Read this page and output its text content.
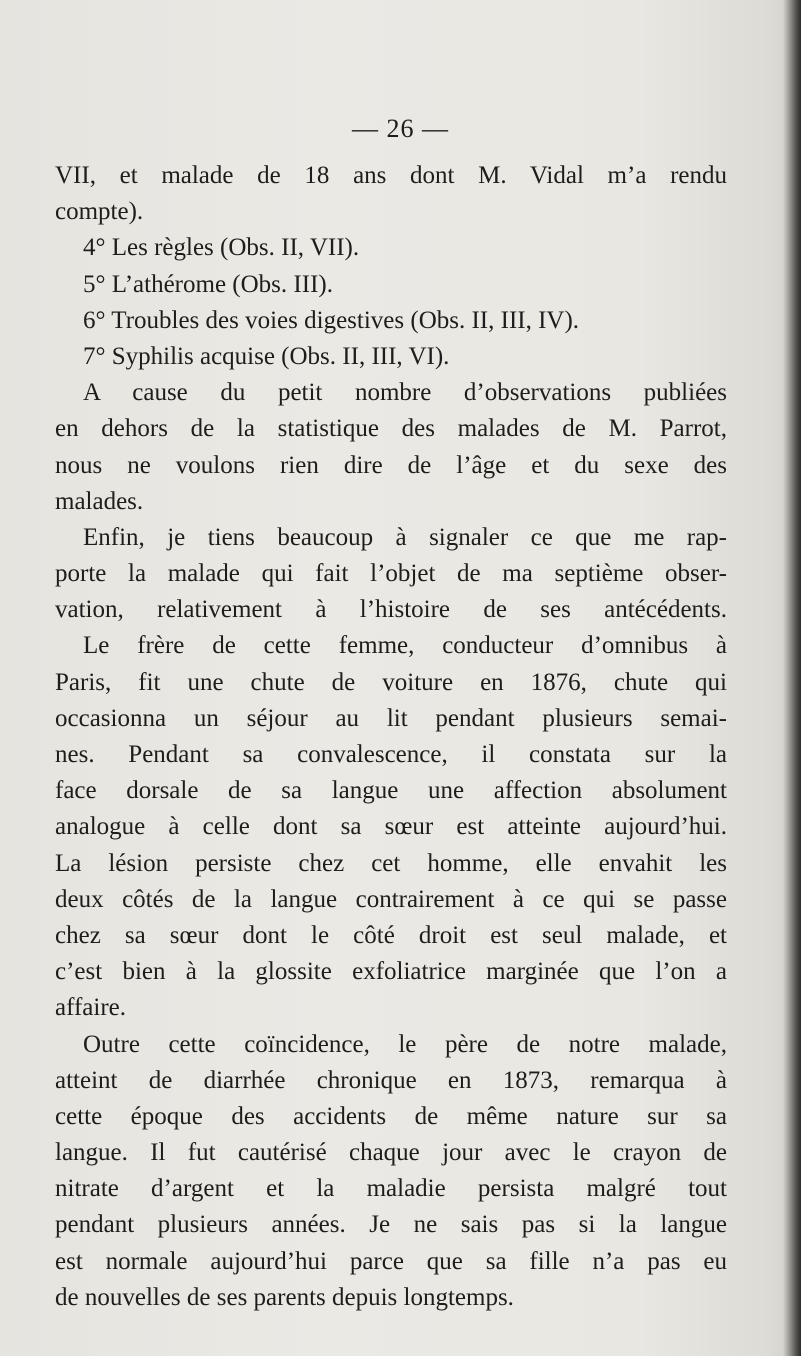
— 26 —
VII, et malade de 18 ans dont M. Vidal m’a rendu
compte).
4° Les règles (Obs. II, VII).
5° L’athérome (Obs. III).
6° Troubles des voies digestives (Obs. II, III, IV).
7° Syphilis acquise (Obs. II, III, VI).
A cause du petit nombre d’observations publiées
en dehors de la statistique des malades de M. Parrot,
nous ne voulons rien dire de l’âge et du sexe des
malades.
Enfin, je tiens beaucoup à signaler ce que me rap-
porte la malade qui fait l’objet de ma septième obser-
vation, relativement à l’histoire de ses antécédents.
Le frère de cette femme, conducteur d’omnibus à
Paris, fit une chute de voiture en 1876, chute qui
occasionna un séjour au lit pendant plusieurs semai-
nes. Pendant sa convalescence, il constata sur la
face dorsale de sa langue une affection absolument
analogue à celle dont sa sœur est atteinte aujourd’hui.
La lésion persiste chez cet homme, elle envahit les
deux côtés de la langue contrairement à ce qui se passe
chez sa sœur dont le côté droit est seul malade, et
c’est bien à la glossite exfoliatrice marginée que l’on a
affaire.
Outre cette coïncidence, le père de notre malade,
atteint de diarrhée chronique en 1873, remarqua à
cette époque des accidents de même nature sur sa
langue. Il fut cautérisé chaque jour avec le crayon de
nitrate d’argent et la maladie persista malgré tout
pendant plusieurs années. Je ne sais pas si la langue
est normale aujourd’hui parce que sa fille n’a pas eu
de nouvelles de ses parents depuis longtemps.
